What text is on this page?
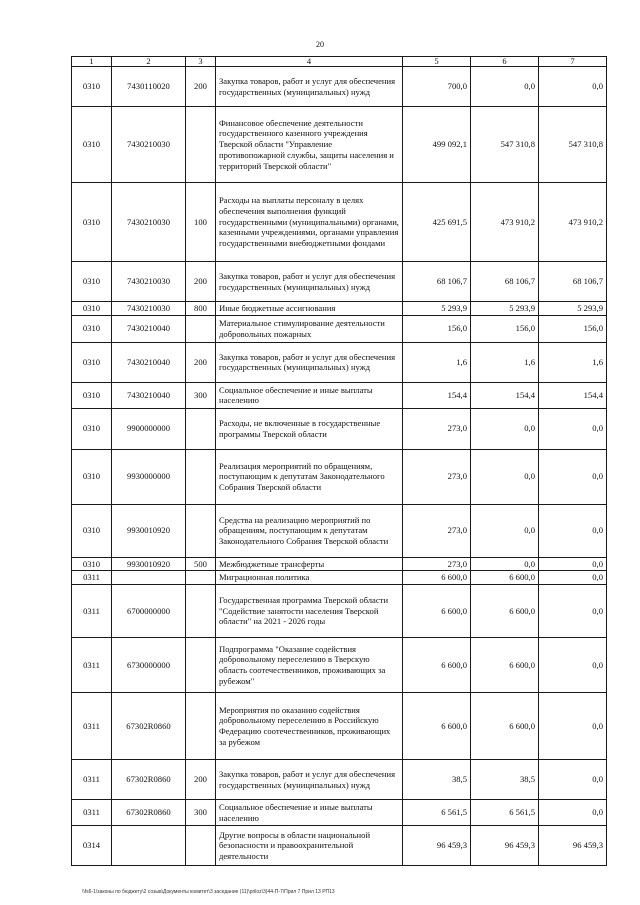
20
1	2	3	4	5	6	7
0310	7430110020	200	Закупка товаров, работ и услуг для обеспечения государственных (муниципальных) нужд	700,0	0,0	0,0
0310	7430210030		Финансовое обеспечение деятельности государственного казенного учреждения Тверской области "Управление противопожарной службы, защиты населения и территорий Тверской области"	499 092,1	547 310,8	547 310,8
0310	7430210030	100	Расходы на выплаты персоналу в целях обеспечения выполнения функций государственными (муниципальными) органами, казенными учреждениями, органами управления государственными внебюджетными фондами	425 691,5	473 910,2	473 910,2
0310	7430210030	200	Закупка товаров, работ и услуг для обеспечения государственных (муниципальных) нужд	68 106,7	68 106,7	68 106,7
0310	7430210030	800	Иные бюджетные ассигнования	5 293,9	5 293,9	5 293,9
0310	7430210040		Материальное стимулирование деятельности добровольных пожарных	156,0	156,0	156,0
0310	7430210040	200	Закупка товаров, работ и услуг для обеспечения государственных (муниципальных) нужд	1,6	1,6	1,6
0310	7430210040	300	Социальное обеспечение и иные выплаты населению	154,4	154,4	154,4
0310	9900000000		Расходы, не включенные в государственные программы Тверской области	273,0	0,0	0,0
0310	9930000000		Реализация мероприятий по обращениям, поступающим к депутатам Законодательного Собрания Тверской области	273,0	0,0	0,0
0310	9930010920		Средства на реализацию мероприятий по обращениям, поступающим к депутатам Законодательного Собрания Тверской области	273,0	0,0	0,0
0310	9930010920	500	Межбюджетные трансферты	273,0	0,0	0,0
0311			Миграционная политика	6 600,0	6 600,0	0,0
0311	6700000000		Государственная программа Тверской области "Содействие занятости населения Тверской области" на 2021 - 2026 годы	6 600,0	6 600,0	0,0
0311	6730000000		Подпрограмма "Оказание содействия добровольному переселению в Тверскую область соотечественников, проживающих за рубежом"	6 600,0	6 600,0	0,0
0311	67302R0860		Мероприятия по оказанию содействия добровольному переселению в Российскую Федерацию соотечественников, проживающих за рубежом	6 600,0	6 600,0	0,0
0311	67302R0860	200	Закупка товаров, работ и услуг для обеспечения государственных (муниципальных) нужд	38,5	38,5	0,0
0311	67302R0860	300	Социальное обеспечение и иные выплаты населению	6 561,5	6 561,5	0,0
0314			Другие вопросы в области национальной безопасности и правоохранительной деятельности	96 459,3	96 459,3	96 459,3
\\fs6-1\законы по бюджету\2 созыв\Документы комитет\3 заседание (11)\priloz\3)44-П-7\Прил 7 Прил 13 РП13
